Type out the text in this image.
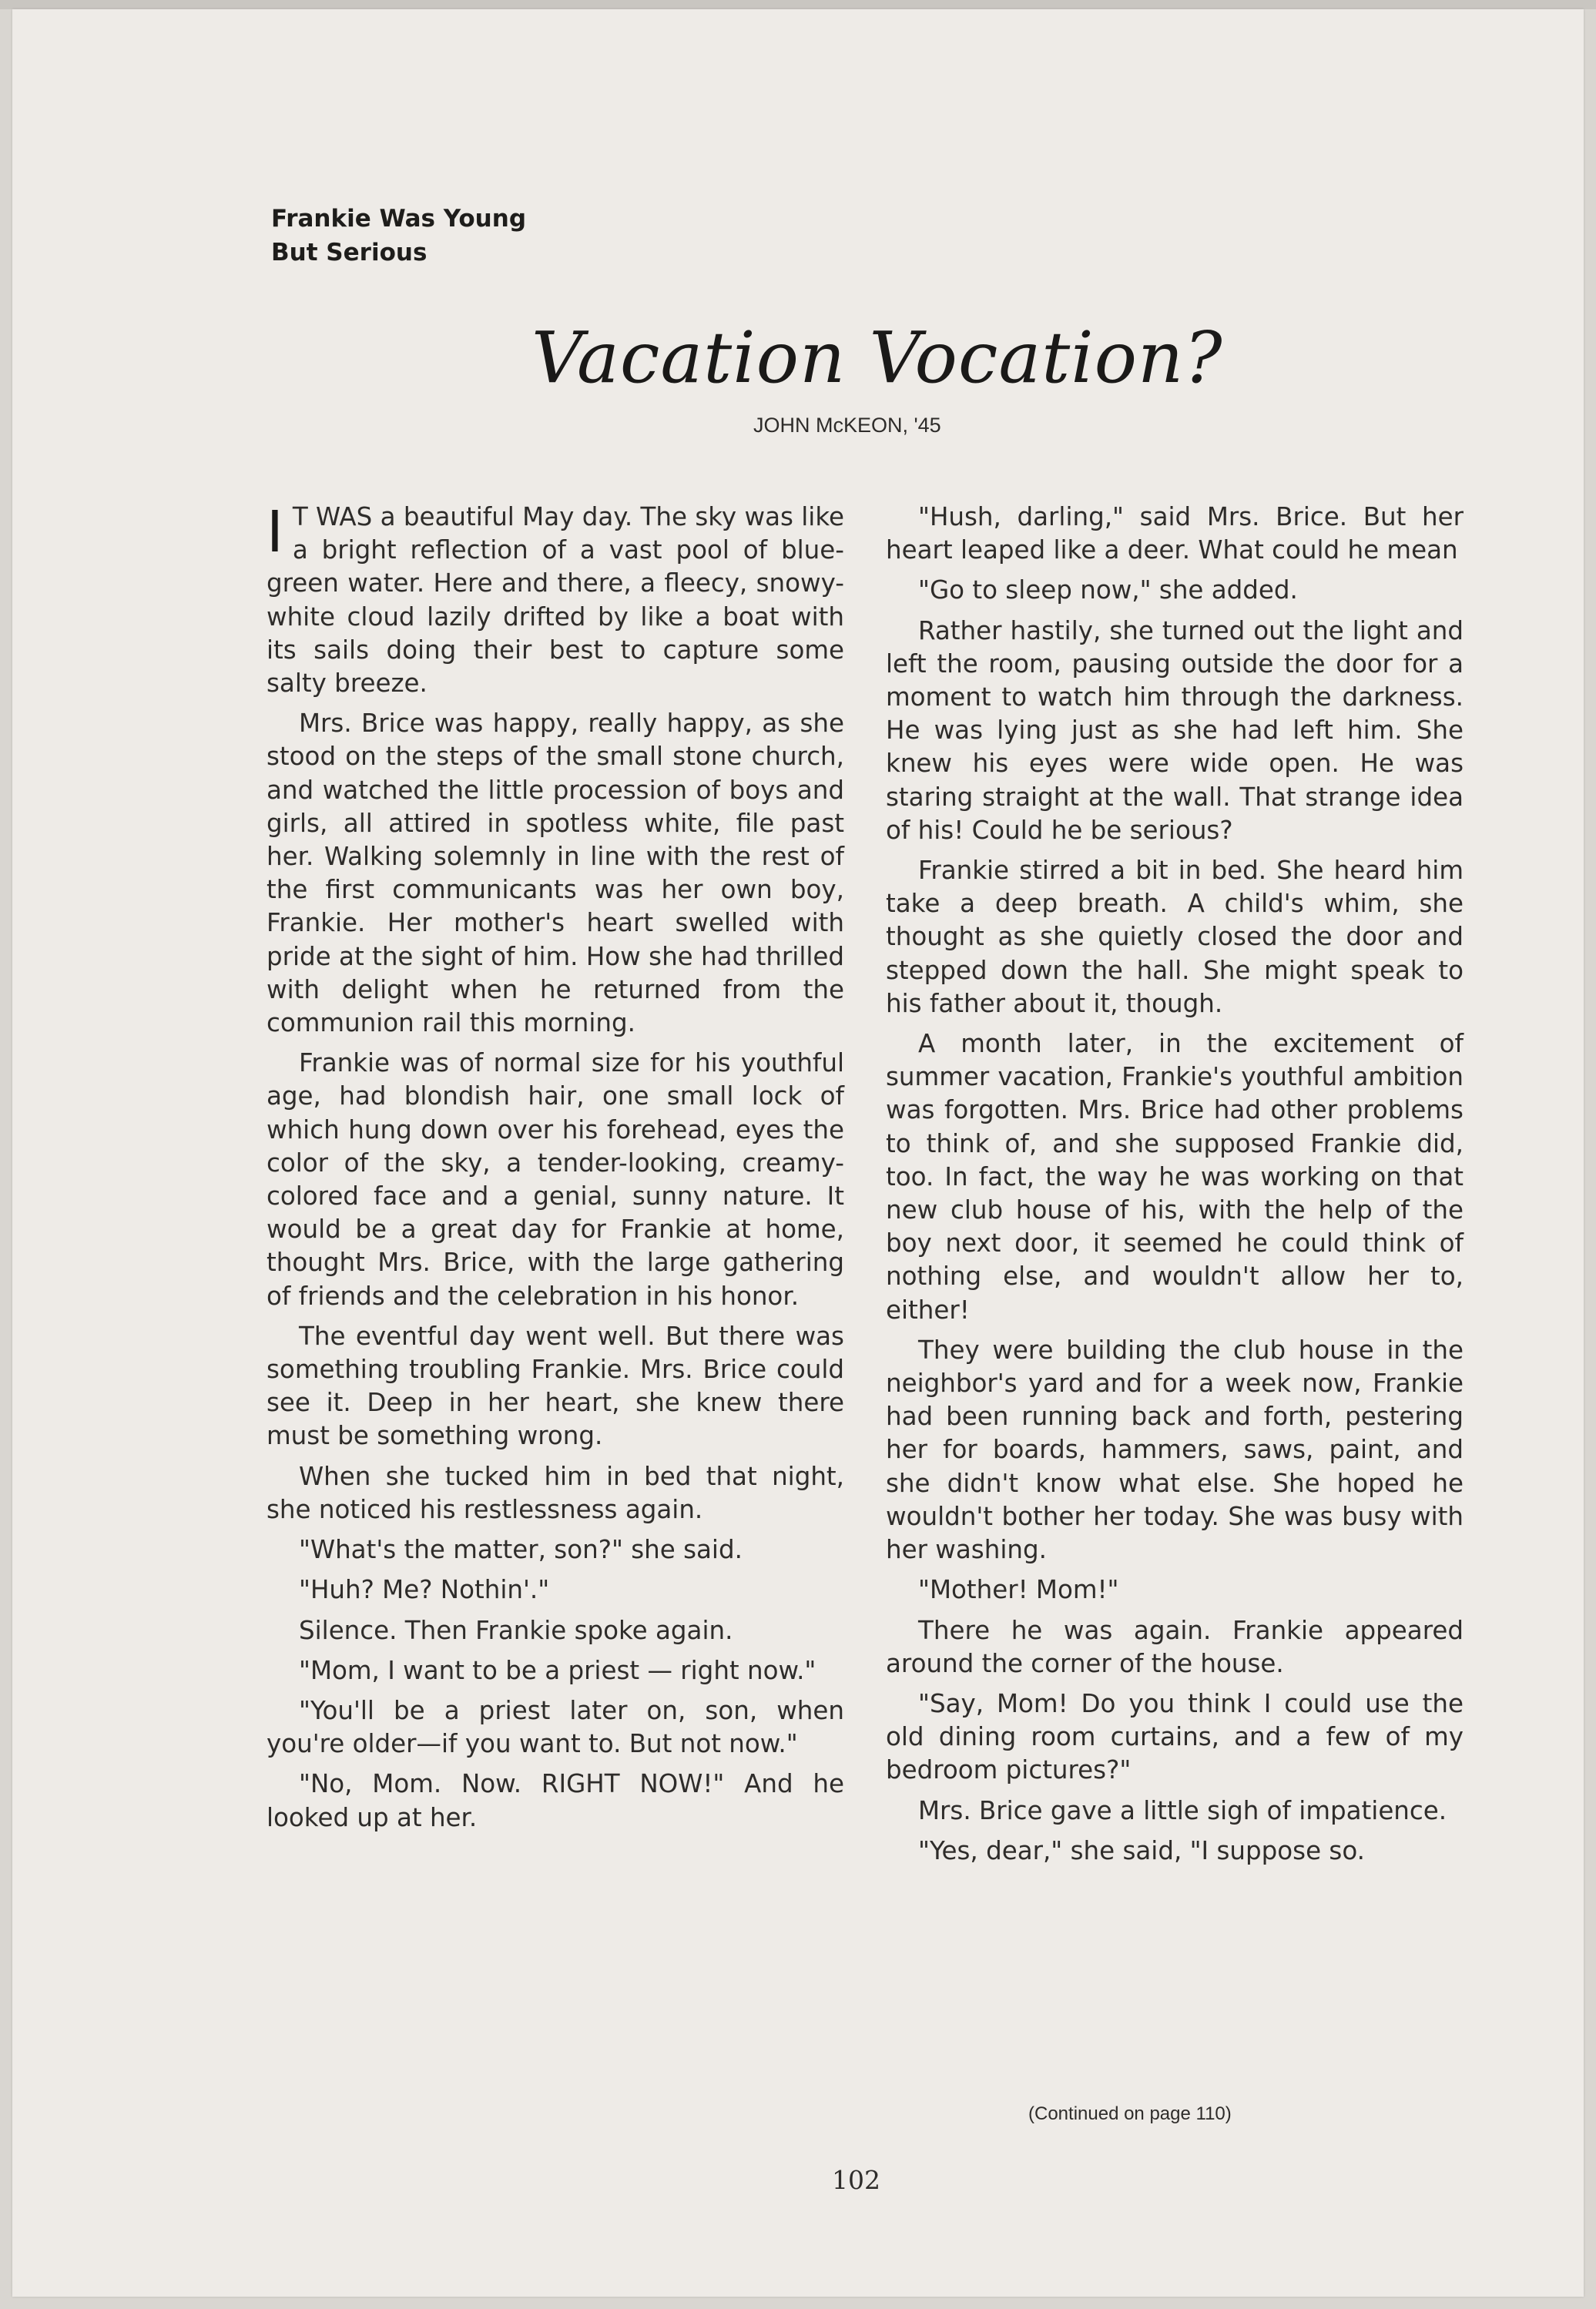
Frankie Was Young
But Serious
Vacation Vocation?
JOHN McKEON, '45

I T WAS a beautiful May day. The sky was like a bright reflection of a vast pool of blue-green water. Here and there, a fleecy, snowy-white cloud lazily drifted by like a boat with its sails doing their best to capture some salty breeze.

Mrs. Brice was happy, really happy, as she stood on the steps of the small stone church, and watched the little procession of boys and girls, all attired in spotless white, file past her. Walking solemnly in line with the rest of the first communicants was her own boy, Frankie. Her mother's heart swelled with pride at the sight of him. How she had thrilled with delight when he returned from the communion rail this morning.

Frankie was of normal size for his youthful age, had blondish hair, one small lock of which hung down over his forehead, eyes the color of the sky, a tender-looking, creamy-colored face and a genial, sunny nature. It would be a great day for Frankie at home, thought Mrs. Brice, with the large gathering of friends and the celebration in his honor.

The eventful day went well. But there was something troubling Frankie. Mrs. Brice could see it. Deep in her heart, she knew there must be something wrong.

When she tucked him in bed that night, she noticed his restlessness again.

"What's the matter, son?" she said.

"Huh? Me? Nothin'."

Silence. Then Frankie spoke again.

"Mom, I want to be a priest — right now."

"You'll be a priest later on, son, when you're older—if you want to. But not now."

"No, Mom. Now. RIGHT NOW!" And he looked up at her.

"Hush, darling," said Mrs. Brice. But her heart leaped like a deer. What could he mean

"Go to sleep now," she added.

Rather hastily, she turned out the light and left the room, pausing outside the door for a moment to watch him through the darkness. He was lying just as she had left him. She knew his eyes were wide open. He was staring straight at the wall. That strange idea of his! Could he be serious?

Frankie stirred a bit in bed. She heard him take a deep breath. A child's whim, she thought as she quietly closed the door and stepped down the hall. She might speak to his father about it, though.

A month later, in the excitement of summer vacation, Frankie's youthful ambition was forgotten. Mrs. Brice had other problems to think of, and she supposed Frankie did, too. In fact, the way he was working on that new club house of his, with the help of the boy next door, it seemed he could think of nothing else, and wouldn't allow her to, either!

They were building the club house in the neighbor's yard and for a week now, Frankie had been running back and forth, pestering her for boards, hammers, saws, paint, and she didn't know what else. She hoped he wouldn't bother her today. She was busy with her washing.

"Mother! Mom!"

There he was again. Frankie appeared around the corner of the house.

"Say, Mom! Do you think I could use the old dining room curtains, and a few of my bedroom pictures?"

Mrs. Brice gave a little sigh of impatience.

"Yes, dear," she said, "I suppose so.

(Continued on page 110)
102
